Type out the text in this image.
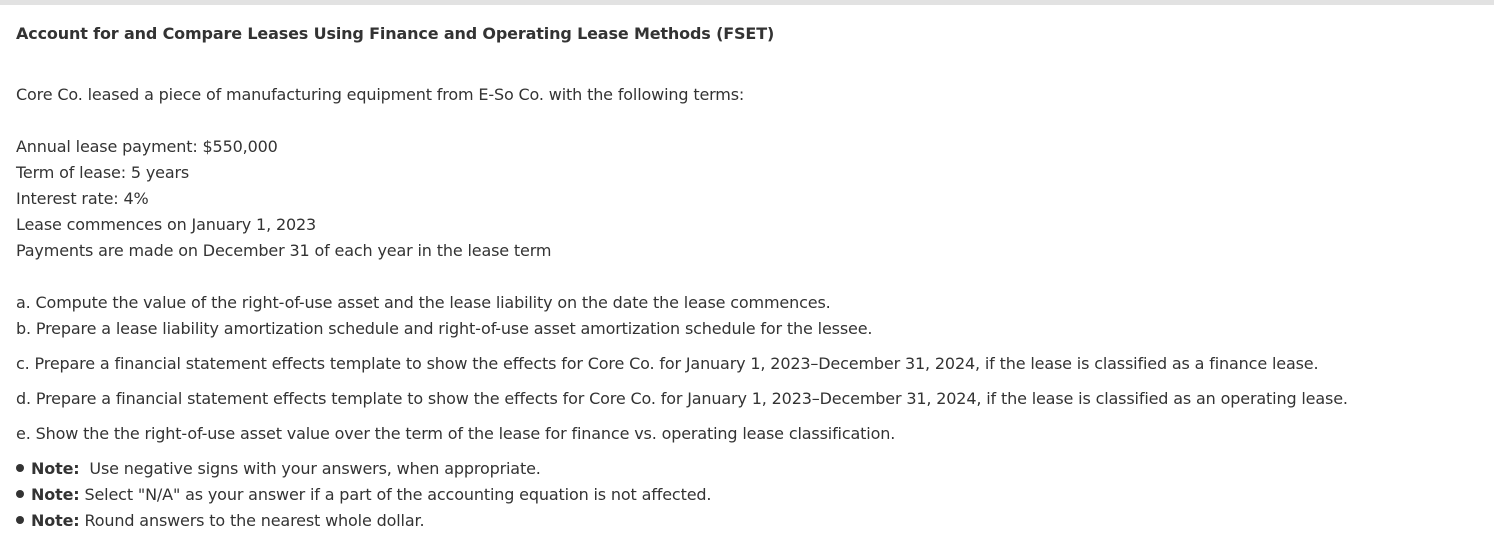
Account for and Compare Leases Using Finance and Operating Lease Methods (FSET)

Core Co. leased a piece of manufacturing equipment from E-So Co. with the following terms:

Annual lease payment: $550,000

Term of lease: 5 years

Interest rate: 4%

Lease commences on January 1, 2023

Payments are made on December 31 of each year in the lease term

a. Compute the value of the right-of-use asset and the lease liability on the date the lease commences.

b. Prepare a lease liability amortization schedule and right-of-use asset amortization schedule for the lessee.

c. Prepare a financial statement effects template to show the effects for Core Co. for January 1, 2023–December 31, 2024, if the lease is classified as a finance lease.

d. Prepare a financial statement effects template to show the effects for Core Co. for January 1, 2023–December 31, 2024, if the lease is classified as an operating lease.

e. Show the the right-of-use asset value over the term of the lease for finance vs. operating lease classification.

Note:  Use negative signs with your answers, when appropriate.
Note: Select "N/A" as your answer if a part of the accounting equation is not affected.
Note: Round answers to the nearest whole dollar.
